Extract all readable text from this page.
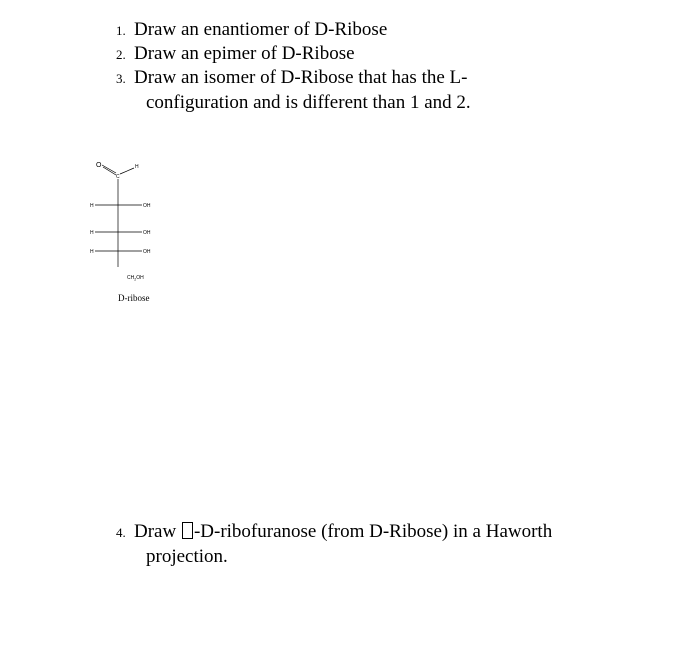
1. Draw an enantiomer of D-Ribose
2. Draw an epimer of D-Ribose
3. Draw an isomer of D-Ribose that has the L-
configuration and is different than 1 and 2.
O
C
H
H	OH
H	OH
H	OH
$CH_2OH$
D-ribose
4. Draw -D-ribofuranose (from D-Ribose) in a Haworth
projection.
